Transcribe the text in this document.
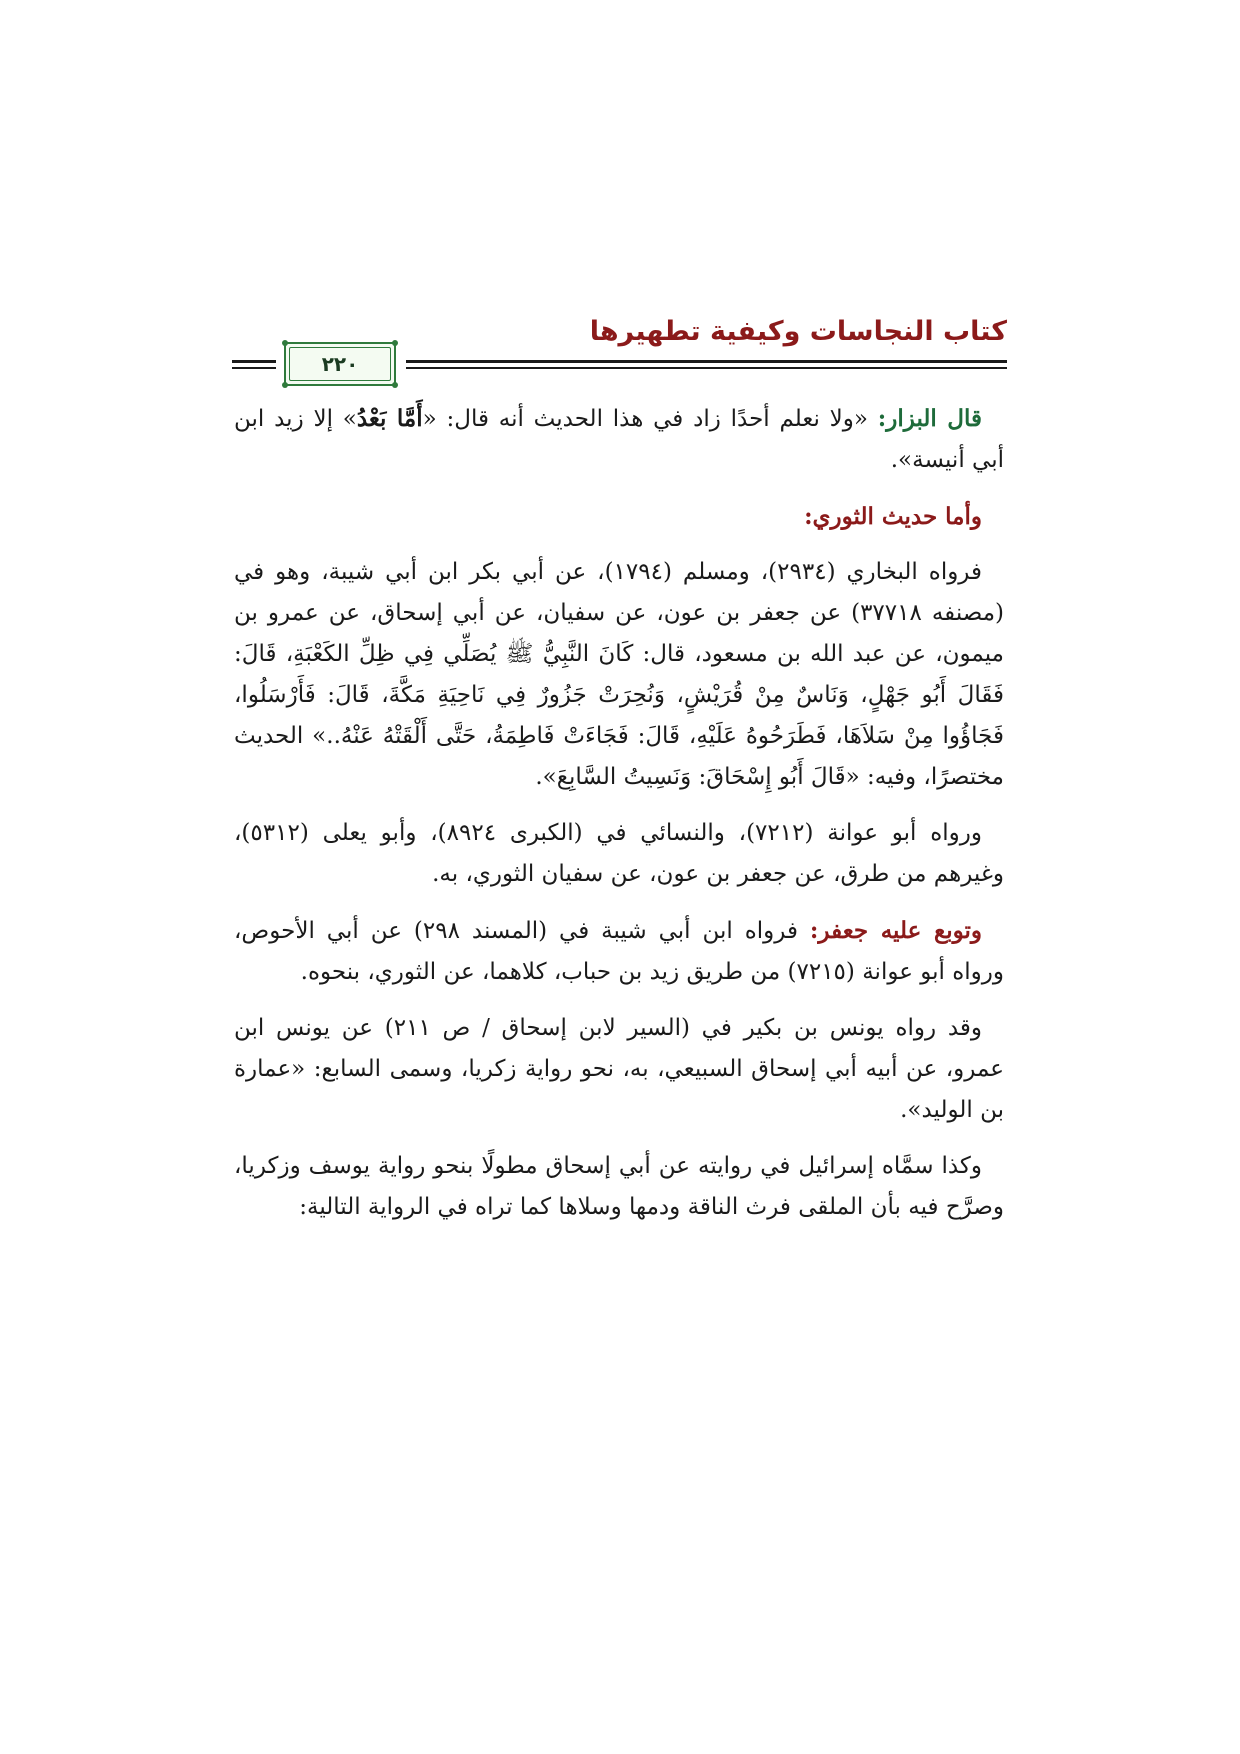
كتاب النجاسات وكيفية تطهيرها
٢٢٠

قال البزار: «ولا نعلم أحدًا زاد في هذا الحديث أنه قال: «أَمَّا بَعْدُ» إلا زيد ابن أبي أنيسة».

وأما حديث الثوري:

فرواه البخاري (٢٩٣٤)، ومسلم (١٧٩٤)، عن أبي بكر ابن أبي شيبة، وهو في (مصنفه ٣٧٧١٨) عن جعفر بن عون، عن سفيان، عن أبي إسحاق، عن عمرو بن ميمون، عن عبد الله بن مسعود، قال: كَانَ النَّبِيُّ ﷺ يُصَلِّي فِي ظِلِّ الكَعْبَةِ، قَالَ: فَقَالَ أَبُو جَهْلٍ، وَنَاسٌ مِنْ قُرَيْشٍ، وَنُحِرَتْ جَزُورٌ فِي نَاحِيَةِ مَكَّةَ، قَالَ: فَأَرْسَلُوا، فَجَاؤُوا مِنْ سَلاَهَا، فَطَرَحُوهُ عَلَيْهِ، قَالَ: فَجَاءَتْ فَاطِمَةُ، حَتَّى أَلْقَتْهُ عَنْهُ..» الحديث مختصرًا، وفيه: «قَالَ أَبُو إِسْحَاقَ: وَنَسِيتُ السَّابِعَ».

ورواه أبو عوانة (٧٢١٢)، والنسائي في (الكبرى ٨٩٢٤)، وأبو يعلى (٥٣١٢)، وغيرهم من طرق، عن جعفر بن عون، عن سفيان الثوري، به.

وتوبع عليه جعفر: فرواه ابن أبي شيبة في (المسند ٢٩٨) عن أبي الأحوص، ورواه أبو عوانة (٧٢١٥) من طريق زيد بن حباب، كلاهما، عن الثوري، بنحوه.

وقد رواه يونس بن بكير في (السير لابن إسحاق / ص ٢١١) عن يونس ابن عمرو، عن أبيه أبي إسحاق السبيعي، به، نحو رواية زكريا، وسمى السابع: «عمارة بن الوليد».

وكذا سمَّاه إسرائيل في روايته عن أبي إسحاق مطولًا بنحو رواية يوسف وزكريا، وصرَّح فيه بأن الملقى فرث الناقة ودمها وسلاها كما تراه في الرواية التالية:
